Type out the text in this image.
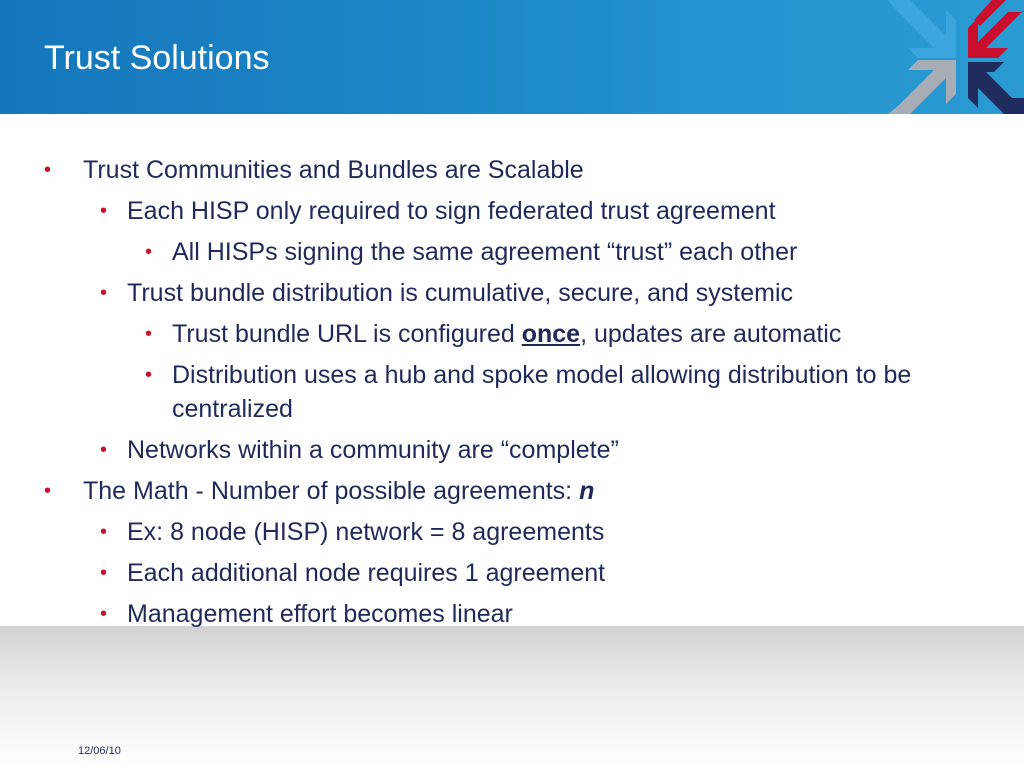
Trust Solutions
• Trust Communities and Bundles are Scalable
• Each HISP only required to sign federated trust agreement
• All HISPs signing the same agreement “trust” each other
• Trust bundle distribution is cumulative, secure, and systemic
• Trust bundle URL is configured once, updates are automatic
• Distribution uses a hub and spoke model allowing distribution to be centralized
• Networks within a community are “complete”
• The Math - Number of possible agreements: n
• Ex: 8 node (HISP) network = 8 agreements
• Each additional node requires 1 agreement
• Management effort becomes linear
12/06/10
